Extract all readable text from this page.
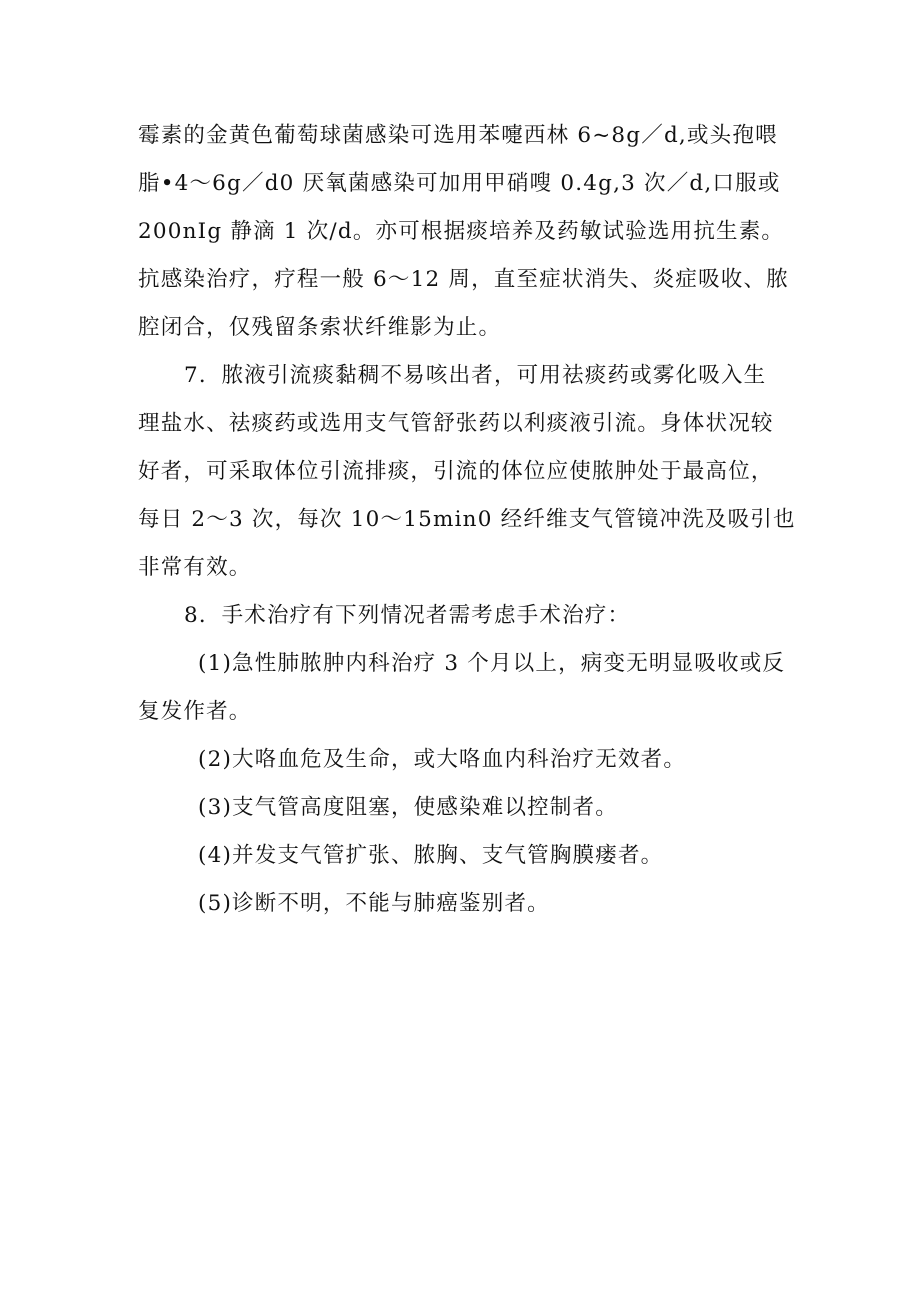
霉素的金黄色葡萄球菌感染可选用苯嚏西林 6~8g／d,或头孢喂
脂•4～6g／d0 厌氧菌感染可加用甲硝嗖 0.4g,3 次／d,口服或
200nIg 静滴 1 次/d。亦可根据痰培养及药敏试验选用抗生素。
抗感染治疗，疗程一般 6～12 周，直至症状消失、炎症吸收、脓
腔闭合，仅残留条索状纤维影为止。

7．脓液引流痰黏稠不易咳出者，可用祛痰药或雾化吸入生
理盐水、祛痰药或选用支气管舒张药以利痰液引流。身体状况较
好者，可采取体位引流排痰，引流的体位应使脓肿处于最高位，
每日 2～3 次，每次 10～15min0 经纤维支气管镜冲洗及吸引也
非常有效。

8．手术治疗有下列情况者需考虑手术治疗：

(1)急性肺脓肿内科治疗 3 个月以上，病变无明显吸收或反
复发作者。

(2)大咯血危及生命，或大咯血内科治疗无效者。

(3)支气管高度阻塞，使感染难以控制者。

(4)并发支气管扩张、脓胸、支气管胸膜瘘者。

(5)诊断不明，不能与肺癌鉴别者。
